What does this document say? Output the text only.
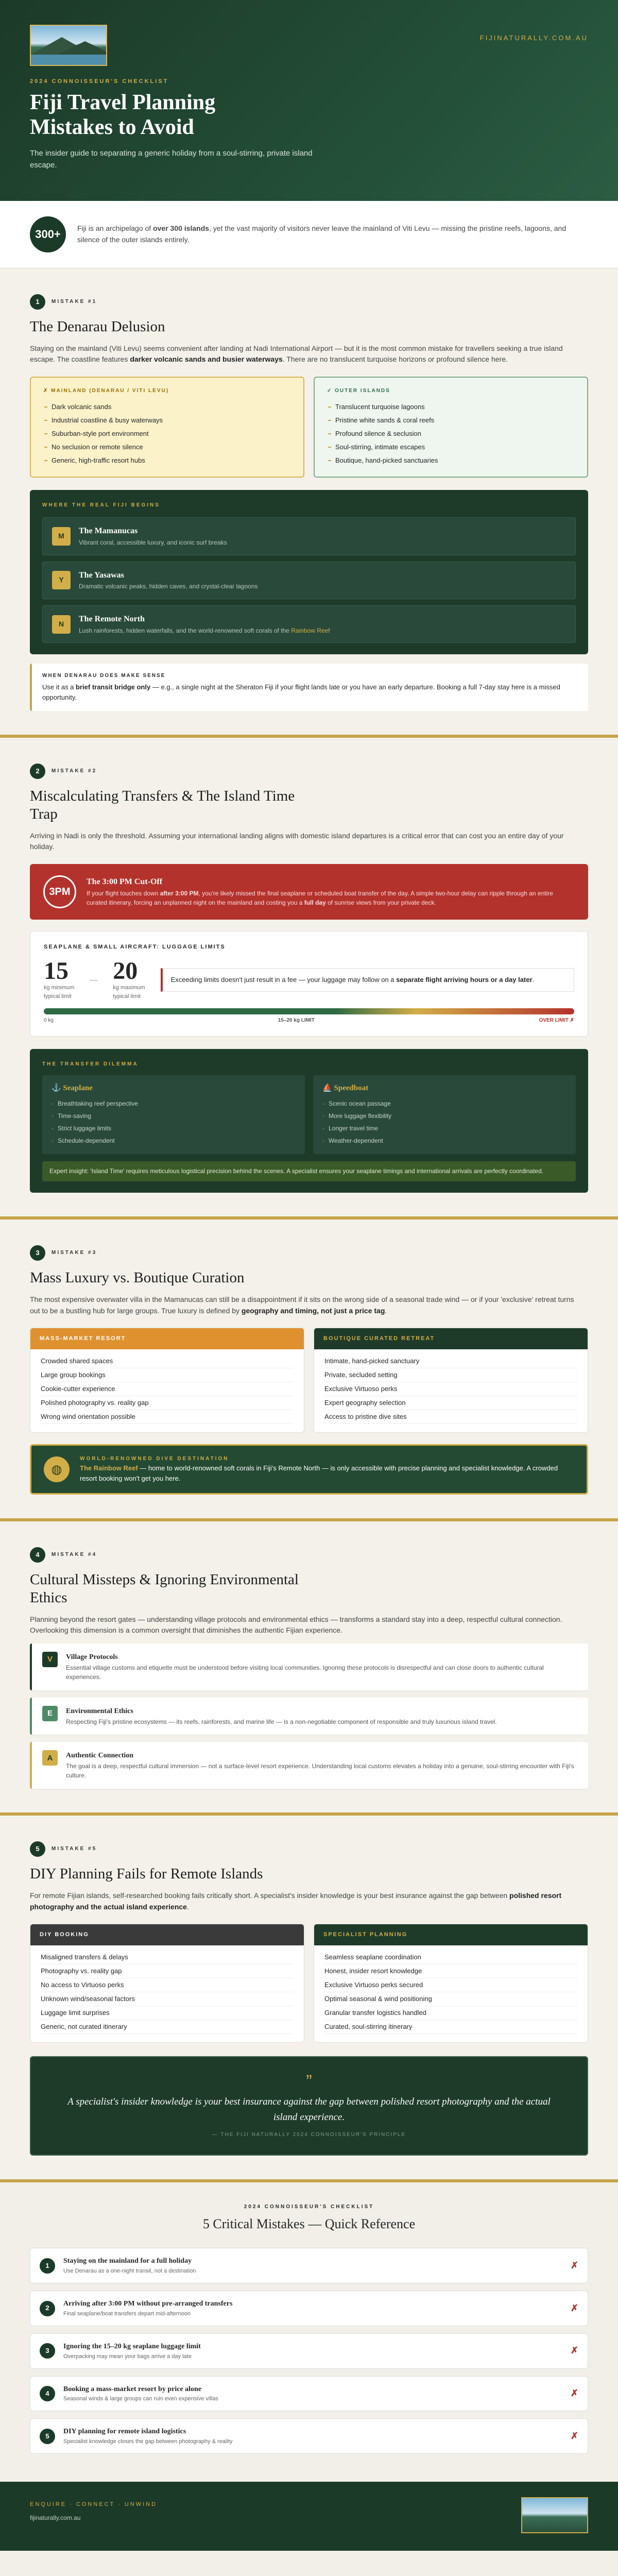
FIJINATURALLY.COM.AU
2024 CONNOISSEUR'S CHECKLIST
Fiji Travel Planning Mistakes to Avoid

The insider guide to separating a generic holiday from a soul-stirring, private island escape.

300+	Fiji is an archipelago of over 300 islands, yet the vast majority of visitors never leave the mainland of Viti Levu — missing the pristine reefs, lagoons, and silence of the outer islands entirely.

1	MISTAKE #1
The Denarau Delusion

Staying on the mainland (Viti Levu) seems convenient after landing at Nadi International Airport — but it is the most common mistake for travellers seeking a true island escape. The coastline features darker volcanic sands and busier waterways. There are no translucent turquoise horizons or profound silence here.

✗ MAINLAND (DENARAU / VITI LEVU)
Dark volcanic sands
Industrial coastline & busy waterways
Suburban-style port environment
No seclusion or remote silence
Generic, high-traffic resort hubs
✓ OUTER ISLANDS
Translucent turquoise lagoons
Pristine white sands & coral reefs
Profound silence & seclusion
Soul-stirring, intimate escapes
Boutique, hand-picked sanctuaries
WHERE THE REAL FIJI BEGINS
M
The Mamanucas

Vibrant coral, accessible luxury, and iconic surf breaks

Y
The Yasawas

Dramatic volcanic peaks, hidden caves, and crystal-clear lagoons

N
The Remote North

Lush rainforests, hidden waterfalls, and the world-renowned soft corals of the Rainbow Reef

WHEN DENARAU DOES MAKE SENSE

Use it as a brief transit bridge only — e.g., a single night at the Sheraton Fiji if your flight lands late or you have an early departure. Booking a full 7-day stay here is a missed opportunity.

2	MISTAKE #2
Miscalculating Transfers & The Island Time Trap

Arriving in Nadi is only the threshold. Assuming your international landing aligns with domestic island departures is a critical error that can cost you an entire day of your holiday.

3PM
The 3:00 PM Cut-Off

If your flight touches down after 3:00 PM, you're likely missed the final seaplane or scheduled boat transfer of the day. A simple two-hour delay can ripple through an entire curated itinerary, forcing an unplanned night on the mainland and costing you a full day of sunrise views from your private deck.

SEAPLANE & SMALL AIRCRAFT: LUGGAGE LIMITS
15
kg minimum
typical limit
— 20
kg maximum
typical limit
Exceeding limits doesn't just result in a fee — your luggage may follow on a separate flight arriving hours or a day later.
0 kg	15–20 kg LIMIT	OVER LIMIT ✗
THE TRANSFER DILEMMA
⚓ Seaplane
· Breathtaking reef perspective
· Time-saving
· Strict luggage limits
· Schedule-dependent
⛵ Speedboat
· Scenic ocean passage
· More luggage flexibility
· Longer travel time
· Weather-dependent
Expert insight: 'Island Time' requires meticulous logistical precision behind the scenes. A specialist ensures your seaplane timings and international arrivals are perfectly coordinated.
3	MISTAKE #3
Mass Luxury vs. Boutique Curation

The most expensive overwater villa in the Mamanucas can still be a disappointment if it sits on the wrong side of a seasonal trade wind — or if your 'exclusive' retreat turns out to be a bustling hub for large groups. True luxury is defined by geography and timing, not just a price tag.

MASS-MARKET RESORT
Crowded shared spaces
Large group bookings
Cookie-cutter experience
Polished photography vs. reality gap
Wrong wind orientation possible
BOUTIQUE CURATED RETREAT
Intimate, hand-picked sanctuary
Private, secluded setting
Exclusive Virtuoso perks
Expert geography selection
Access to pristine dive sites
◍
WORLD-RENOWNED DIVE DESTINATION

The Rainbow Reef — home to world-renowned soft corals in Fiji's Remote North — is only accessible with precise planning and specialist knowledge. A crowded resort booking won't get you here.

4	MISTAKE #4
Cultural Missteps & Ignoring Environmental Ethics

Planning beyond the resort gates — understanding village protocols and environmental ethics — transforms a standard stay into a deep, respectful cultural connection. Overlooking this dimension is a common oversight that diminishes the authentic Fijian experience.

V	Village Protocols

Essential village customs and etiquette must be understood before visiting local communities. Ignoring these protocols is disrespectful and can close doors to authentic cultural experiences.

E	Environmental Ethics

Respecting Fiji's pristine ecosystems — its reefs, rainforests, and marine life — is a non-negotiable component of responsible and truly luxurious island travel.

A	Authentic Connection

The goal is a deep, respectful cultural immersion — not a surface-level resort experience. Understanding local customs elevates a holiday into a genuine, soul-stirring encounter with Fiji's culture.

5	MISTAKE #5
DIY Planning Fails for Remote Islands

For remote Fijian islands, self-researched booking fails critically short. A specialist's insider knowledge is your best insurance against the gap between polished resort photography and the actual island experience.

DIY BOOKING
Misaligned transfers & delays
Photography vs. reality gap
No access to Virtuoso perks
Unknown wind/seasonal factors
Luggage limit surprises
Generic, not curated itinerary
SPECIALIST PLANNING
Seamless seaplane coordination
Honest, insider resort knowledge
Exclusive Virtuoso perks secured
Optimal seasonal & wind positioning
Granular transfer logistics handled
Curated, soul-stirring itinerary
”

A specialist's insider knowledge is your best insurance against the gap between polished resort photography and the actual island experience.

— THE FIJI NATURALLY 2024 CONNOISSEUR'S PRINCIPLE
2024 CONNOISSEUR'S CHECKLIST
5 Critical Mistakes — Quick Reference
1
Staying on the mainland for a full holiday

Use Denarau as a one-night transit, not a destination

✗
2
Arriving after 3:00 PM without pre-arranged transfers

Final seaplane/boat transfers depart mid-afternoon

✗
3
Ignoring the 15–20 kg seaplane luggage limit

Overpacking may mean your bags arrive a day late

✗
4
Booking a mass-market resort by price alone

Seasonal winds & large groups can ruin even expensive villas

✗
5
DIY planning for remote island logistics

Specialist knowledge closes the gap between photography & reality

✗
ENQUIRE · CONNECT · UNWIND
fijinaturally.com.au
